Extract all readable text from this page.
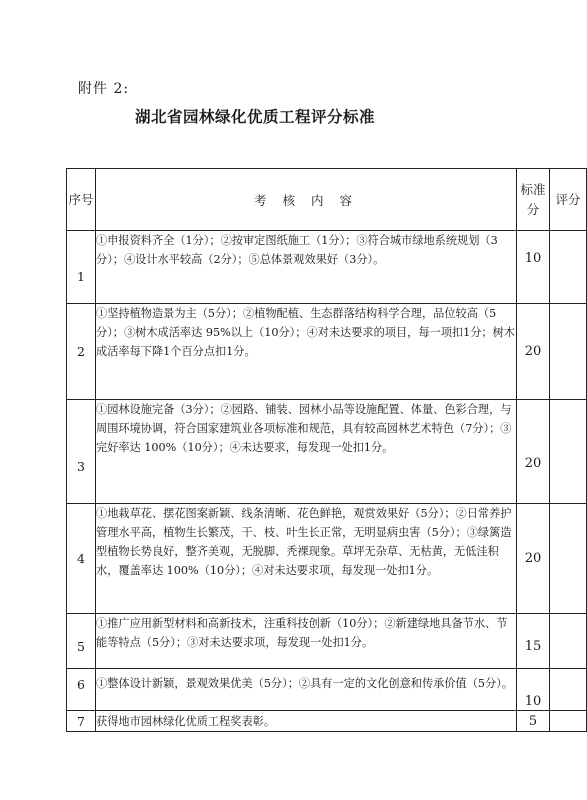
附件 2:
湖北省园林绿化优质工程评分标准
序号	考 核 内 容	标准分	评分
1	①申报资料齐全（1分）；②按审定图纸施工（1分）；③符合城市绿地系统规划（3分）；④设计水平较高（2分）；⑤总体景观效果好（3分）。	10	
2	①坚持植物造景为主（5分）；②植物配植、生态群落结构科学合理，品位较高（5分）；③树木成活率达 95%以上（10分）；④对未达要求的项目，每一项扣1分；树木成活率每下降1个百分点扣1分。	20	
3	①园林设施完备（3分）；②园路、铺装、园林小品等设施配置、体量、色彩合理，与周围环境协调，符合国家建筑业各项标准和规范，具有较高园林艺术特色（7分）；③完好率达 100%（10分）；④未达要求，每发现一处扣1分。	20	
4	①地栽草花、摆花图案新颖、线条清晰、花色鲜艳，观赏效果好（5分）；②日常养护管理水平高，植物生长繁茂，干、枝、叶生长正常，无明显病虫害（5分）；③绿篱造型植物长势良好，整齐美观，无脱脚、秃裸现象。草坪无杂草、无枯黄，无低洼积水，覆盖率达 100%（10分）；④对未达要求项，每发现一处扣1分。	20	
5	①推广应用新型材料和高新技术，注重科技创新（10分）；②新建绿地具备节水、节能等特点（5分）；③对未达要求项，每发现一处扣1分。	15	
6	①整体设计新颖，景观效果优美（5分）；②具有一定的文化创意和传承价值（5分）。	10	
7	获得地市园林绿化优质工程奖表彰。	5	
